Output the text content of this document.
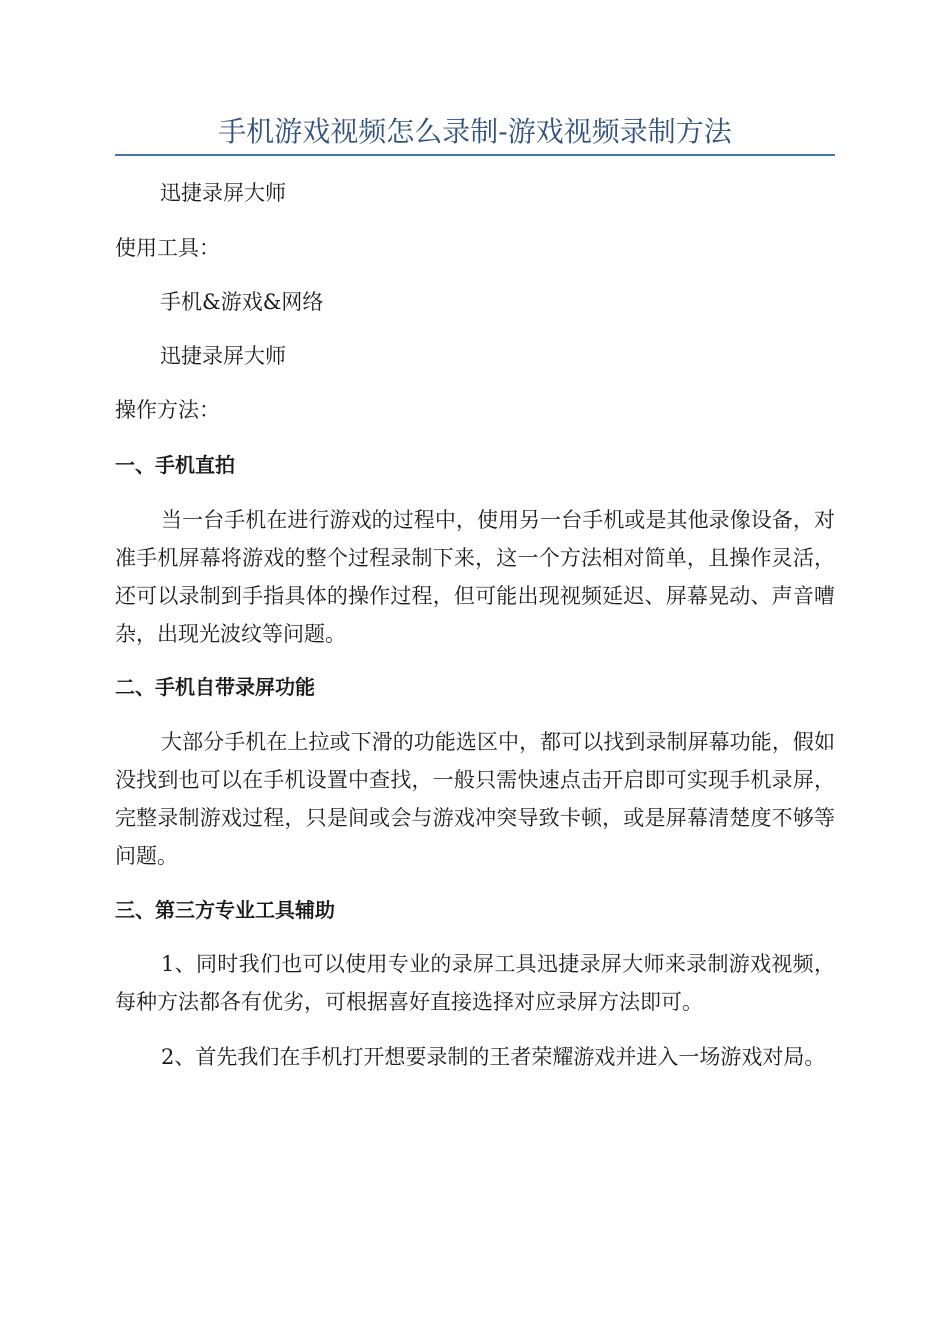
手机游戏视频怎么录制-游戏视频录制方法

迅捷录屏大师

使用工具：

手机&游戏&网络

迅捷录屏大师

操作方法：

一、手机直拍

当一台手机在进行游戏的过程中，使用另一台手机或是其他录像设备，对准手机屏幕将游戏的整个过程录制下来，这一个方法相对简单，且操作灵活，还可以录制到手指具体的操作过程，但可能出现视频延迟、屏幕晃动、声音嘈杂，出现光波纹等问题。

二、手机自带录屏功能

大部分手机在上拉或下滑的功能选区中，都可以找到录制屏幕功能，假如没找到也可以在手机设置中查找，一般只需快速点击开启即可实现手机录屏，完整录制游戏过程，只是间或会与游戏冲突导致卡顿，或是屏幕清楚度不够等问题。

三、第三方专业工具辅助

1、同时我们也可以使用专业的录屏工具迅捷录屏大师来录制游戏视频，每种方法都各有优劣，可根据喜好直接选择对应录屏方法即可。

2、首先我们在手机打开想要录制的王者荣耀游戏并进入一场游戏对局。
